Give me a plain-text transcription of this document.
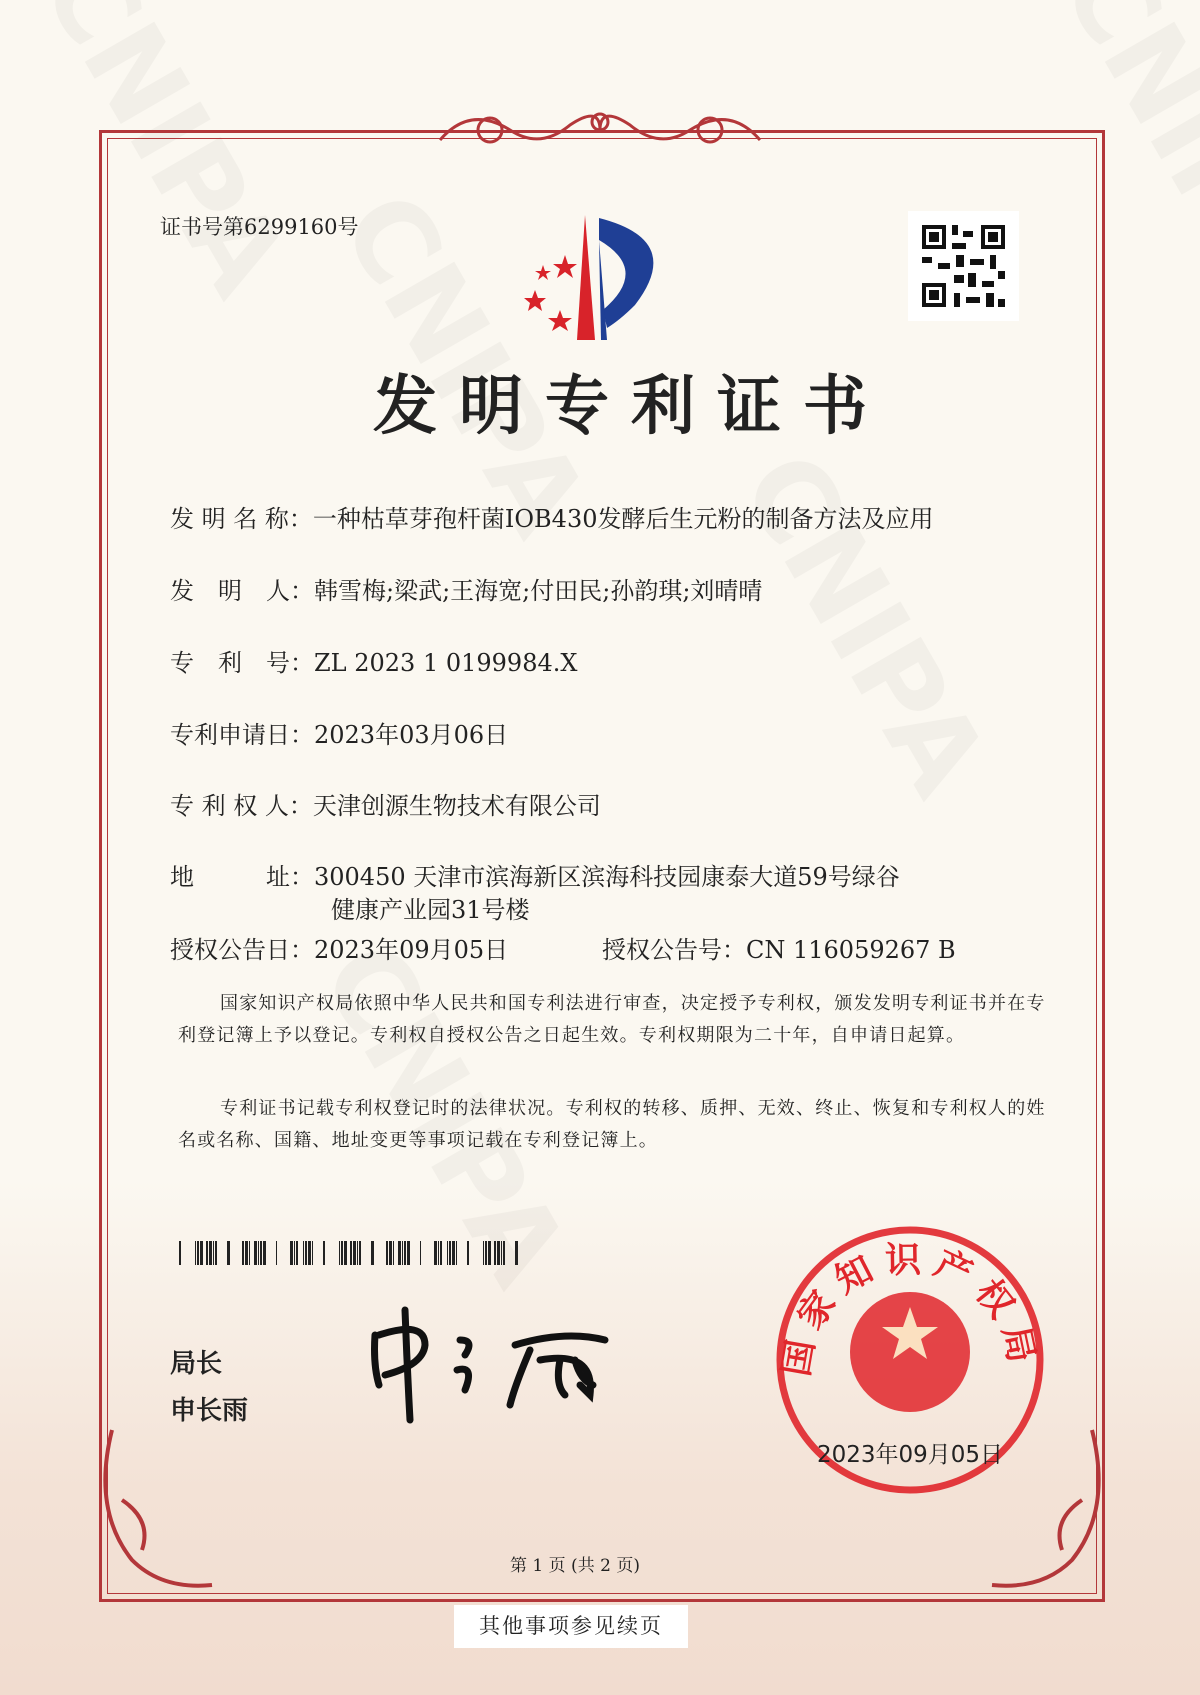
证书号第6299160号
发明专利证书
发 明 名 称：一种枯草芽孢杆菌IOB430发酵后生元粉的制备方法及应用
发　明　人：韩雪梅;梁武;王海宽;付田民;孙韵琪;刘晴晴
专　利　号：ZL 2023 1 0199984.X
专利申请日：2023年03月06日
专 利 权 人：天津创源生物技术有限公司
地　　　址：300450 天津市滨海新区滨海科技园康泰大道59号绿谷
健康产业园31号楼
授权公告日：2023年09月05日	授权公告号：CN 116059267 B
国家知识产权局依照中华人民共和国专利法进行审查，决定授予专利权，颁发发明专利证书并在专利登记簿上予以登记。专利权自授权公告之日起生效。专利权期限为二十年，自申请日起算。
专利证书记载专利权登记时的法律状况。专利权的转移、质押、无效、终止、恢复和专利权人的姓名或名称、国籍、地址变更等事项记载在专利登记簿上。
局长
申长雨
国家知识产权局
2023年09月05日
第 1 页 (共 2 页)
其他事项参见续页
